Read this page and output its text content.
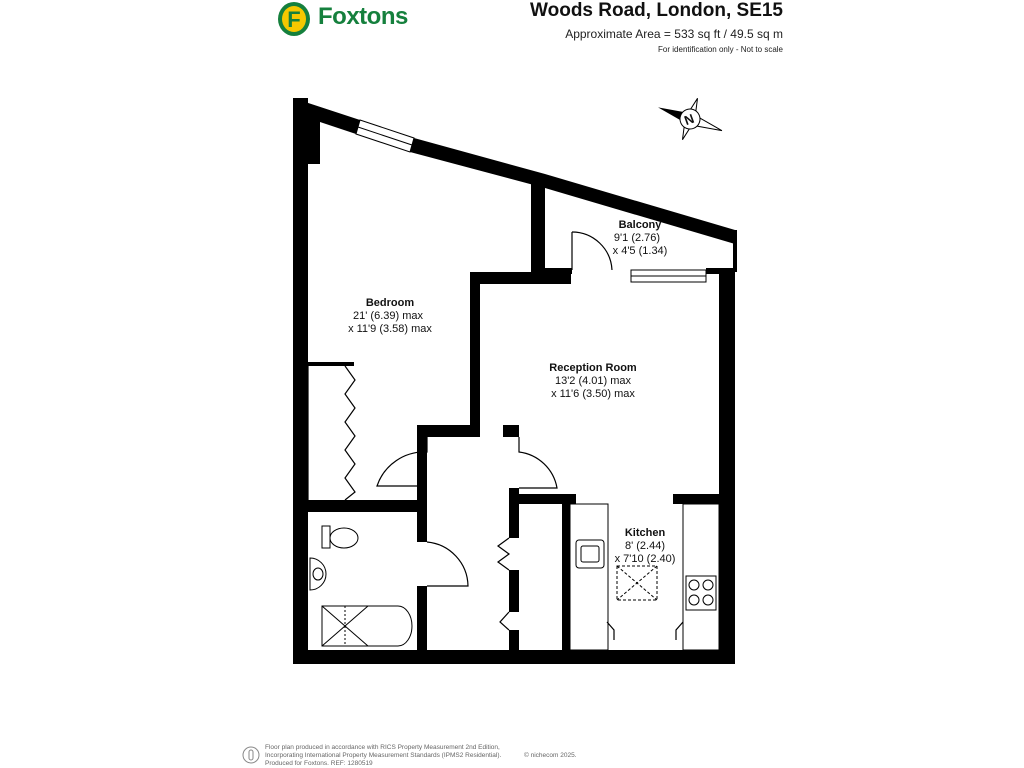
F Foxtons	Woods Road, London, SE15
Approximate Area = 533 sq ft / 49.5 sq m
For identification only - Not to scale
N
Balcony
9'1 (2.76)
x 4'5 (1.34)
Bedroom
21' (6.39) max
x 11'9 (3.58) max
Reception Room
13'2 (4.01) max
x 11'6 (3.50) max
Kitchen
8' (2.44)
x 7'10 (2.40)
Floor plan produced in accordance with RICS Property Measurement 2nd Edition,
Incorporating International Property Measurement Standards (IPMS2 Residential).
Produced for Foxtons. REF: 1280519
© nichecom 2025.
